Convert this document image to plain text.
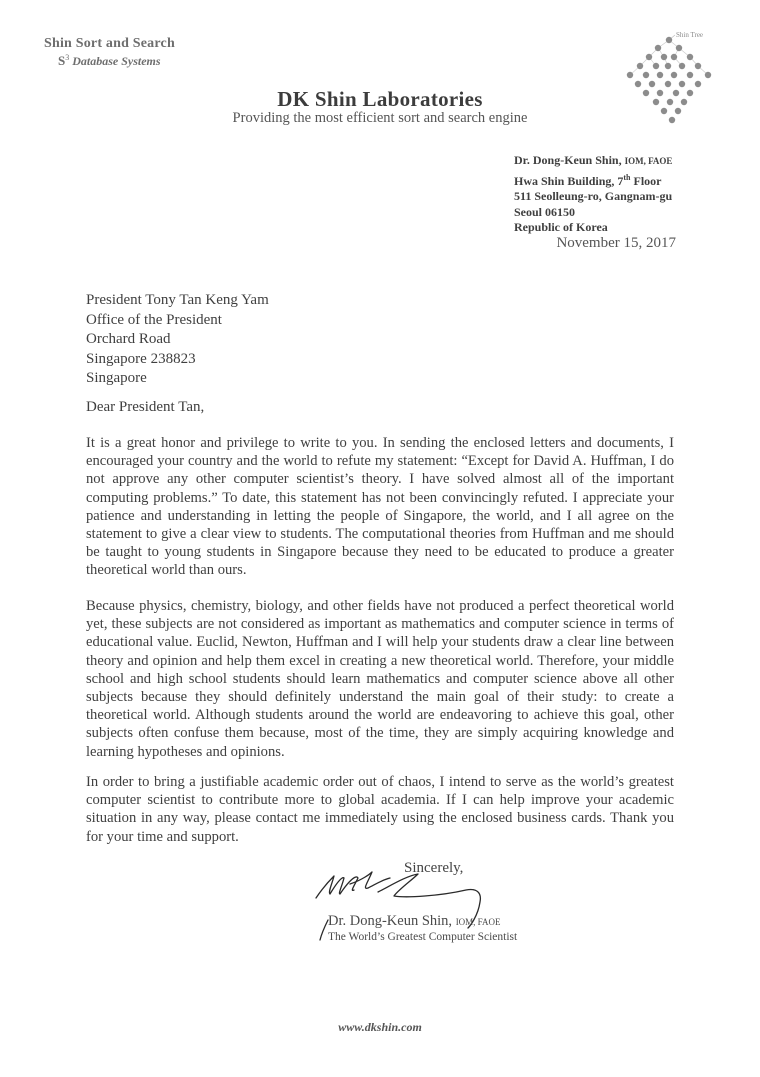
Shin Sort and Search
$S^3$ Database Systems
DK Shin Laboratories
Providing the most efficient sort and search engine
Shin Tree
Dr. Dong-Keun Shin, IOM, FAOE
Hwa Shin Building, 7th Floor
511 Seolleung-ro, Gangnam-gu
Seoul 06150
Republic of Korea
November 15, 2017
President Tony Tan Keng Yam
Office of the President
Orchard Road
Singapore 238823
Singapore
Dear President Tan,
It is a great honor and privilege to write to you. In sending the enclosed letters and documents, I encouraged your country and the world to refute my statement: “Except for David A. Huffman, I do not approve any other computer scientist’s theory. I have solved almost all of the important computing problems.” To date, this statement has not been convincingly refuted. I appreciate your patience and understanding in letting the people of Singapore, the world, and I all agree on the statement to give a clear view to students. The computational theories from Huffman and me should be taught to young students in Singapore because they need to be educated to produce a greater theoretical world than ours.
Because physics, chemistry, biology, and other fields have not produced a perfect theoretical world yet, these subjects are not considered as important as mathematics and computer science in terms of educational value. Euclid, Newton, Huffman and I will help your students draw a clear line between theory and opinion and help them excel in creating a new theoretical world. Therefore, your middle school and high school students should learn mathematics and computer science above all other subjects because they should definitely understand the main goal of their study: to create a theoretical world. Although students around the world are endeavoring to achieve this goal, other subjects often confuse them because, most of the time, they are simply acquiring knowledge and learning hypotheses and opinions.
In order to bring a justifiable academic order out of chaos, I intend to serve as the world’s greatest computer scientist to contribute more to global academia. If I can help improve your academic situation in any way, please contact me immediately using the enclosed business cards. Thank you for your time and support.
Sincerely,
Dr. Dong-Keun Shin, IOM, FAOE
The World’s Greatest Computer Scientist
www.dkshin.com
